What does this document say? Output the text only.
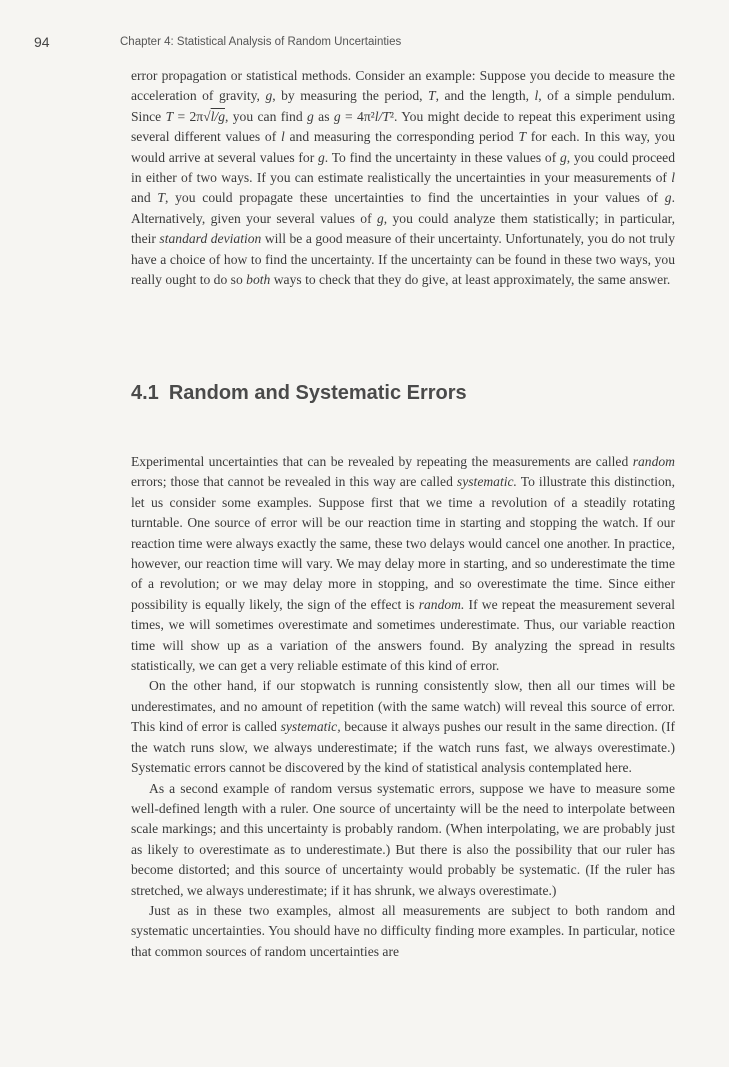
94	Chapter 4: Statistical Analysis of Random Uncertainties

error propagation or statistical methods. Consider an example: Suppose you decide to measure the acceleration of gravity, g, by measuring the period, T, and the length, l, of a simple pendulum. Since T = 2π√l/g, you can find g as g = 4π²l/T². You might decide to repeat this experiment using several different values of l and measuring the corresponding period T for each. In this way, you would arrive at several values for g. To find the uncertainty in these values of g, you could proceed in either of two ways. If you can estimate realistically the uncertainties in your measurements of l and T, you could propagate these uncertainties to find the uncertainties in your values of g. Alternatively, given your several values of g, you could analyze them statistically; in particular, their standard deviation will be a good measure of their uncertainty. Unfortunately, you do not truly have a choice of how to find the uncertainty. If the uncertainty can be found in these two ways, you really ought to do so both ways to check that they do give, at least approximately, the same answer.

4.1 Random and Systematic Errors

Experimental uncertainties that can be revealed by repeating the measurements are called random errors; those that cannot be revealed in this way are called systematic. To illustrate this distinction, let us consider some examples. Suppose first that we time a revolution of a steadily rotating turntable. One source of error will be our reaction time in starting and stopping the watch. If our reaction time were always exactly the same, these two delays would cancel one another. In practice, however, our reaction time will vary. We may delay more in starting, and so underestimate the time of a revolution; or we may delay more in stopping, and so overestimate the time. Since either possibility is equally likely, the sign of the effect is random. If we repeat the measurement several times, we will sometimes overestimate and sometimes underestimate. Thus, our variable reaction time will show up as a variation of the answers found. By analyzing the spread in results statistically, we can get a very reliable estimate of this kind of error.

On the other hand, if our stopwatch is running consistently slow, then all our times will be underestimates, and no amount of repetition (with the same watch) will reveal this source of error. This kind of error is called systematic, because it always pushes our result in the same direction. (If the watch runs slow, we always underestimate; if the watch runs fast, we always overestimate.) Systematic errors cannot be discovered by the kind of statistical analysis contemplated here.

As a second example of random versus systematic errors, suppose we have to measure some well-defined length with a ruler. One source of uncertainty will be the need to interpolate between scale markings; and this uncertainty is probably random. (When interpolating, we are probably just as likely to overestimate as to underestimate.) But there is also the possibility that our ruler has become distorted; and this source of uncertainty would probably be systematic. (If the ruler has stretched, we always underestimate; if it has shrunk, we always overestimate.)

Just as in these two examples, almost all measurements are subject to both random and systematic uncertainties. You should have no difficulty finding more examples. In particular, notice that common sources of random uncertainties are
